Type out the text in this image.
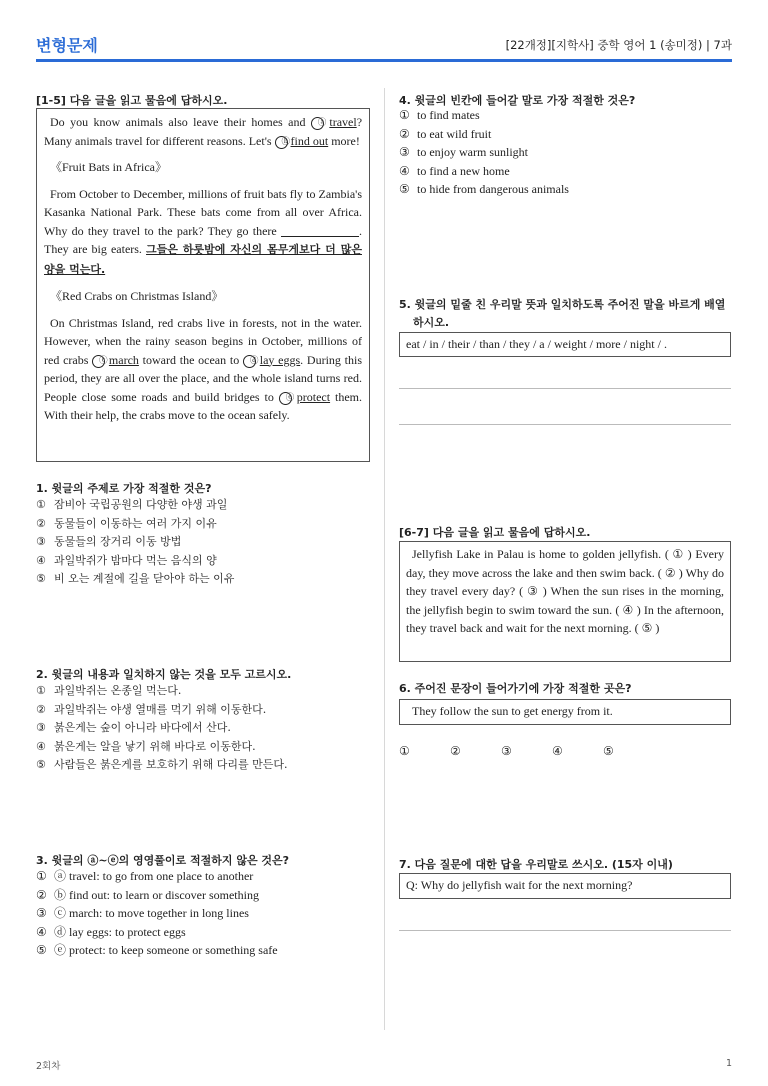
변형문제	[22개정][지학사] 중학 영어 1 (송미정) | 7과
[1-5] 다음 글을 읽고 물음에 답하시오.

Do you know animals also leave their homes and ⓐ travel? Many animals travel for different reasons. Let's ⓑ find out more!

《Fruit Bats in Africa》

From October to December, millions of fruit bats fly to Zambia's Kasanka National Park. These bats come from all over Africa. Why do they travel to the park? They go there	. They are big eaters. 그들은 하룻밤에 자신의 몸무게보다 더 많은 양을 먹는다.

《Red Crabs on Christmas Island》

On Christmas Island, red crabs live in forests, not in the water. However, when the rainy season begins in October, millions of red crabs ⓒ march toward the ocean to ⓓ lay eggs. During this period, they are all over the place, and the whole island turns red. People close some roads and build bridges to ⓔ protect them. With their help, the crabs move to the ocean safely.

1. 윗글의 주제로 가장 적절한 것은?
① 잠비아 국립공원의 다양한 야생 과일
② 동물들이 이동하는 여러 가지 이유
③ 동물들의 장거리 이동 방법
④ 과일박쥐가 밤마다 먹는 음식의 양
⑤ 비 오는 계절에 길을 닫아야 하는 이유
2. 윗글의 내용과 일치하지 않는 것을 모두 고르시오.
① 과일박쥐는 온종일 먹는다.
② 과일박쥐는 야생 열매를 먹기 위해 이동한다.
③ 붉은게는 숲이 아니라 바다에서 산다.
④ 붉은게는 알을 낳기 위해 바다로 이동한다.
⑤ 사람들은 붉은게를 보호하기 위해 다리를 만든다.
3. 윗글의 ⓐ~ⓔ의 영영풀이로 적절하지 않은 것은?
① ⓐ travel: to go from one place to another
② ⓑ find out: to learn or discover something
③ ⓒ march: to move together in long lines
④ ⓓ lay eggs: to protect eggs
⑤ ⓔ protect: to keep someone or something safe
4. 윗글의 빈칸에 들어갈 말로 가장 적절한 것은?
① to find mates
② to eat wild fruit
③ to enjoy warm sunlight
④ to find a new home
⑤ to hide from dangerous animals
5. 윗글의 밑줄 친 우리말 뜻과 일치하도록 주어진 말을 바르게 배열
하시오.
eat / in / their / than / they / a / weight / more / night / .
[6-7] 다음 글을 읽고 물음에 답하시오.

Jellyfish Lake in Palau is home to golden jellyfish. ( ① ) Every day, they move across the lake and then swim back. ( ② ) Why do they travel every day? ( ③ ) When the sun rises in the morning, the jellyfish begin to swim toward the sun. ( ④ ) In the afternoon, they travel back and wait for the next morning. ( ⑤ )

6. 주어진 문장이 들어가기에 가장 적절한 곳은?
They follow the sun to get energy from it.
①	②	③	④	⑤
7. 다음 질문에 대한 답을 우리말로 쓰시오. (15자 이내)
Q: Why do jellyfish wait for the next morning?
2회차	1
